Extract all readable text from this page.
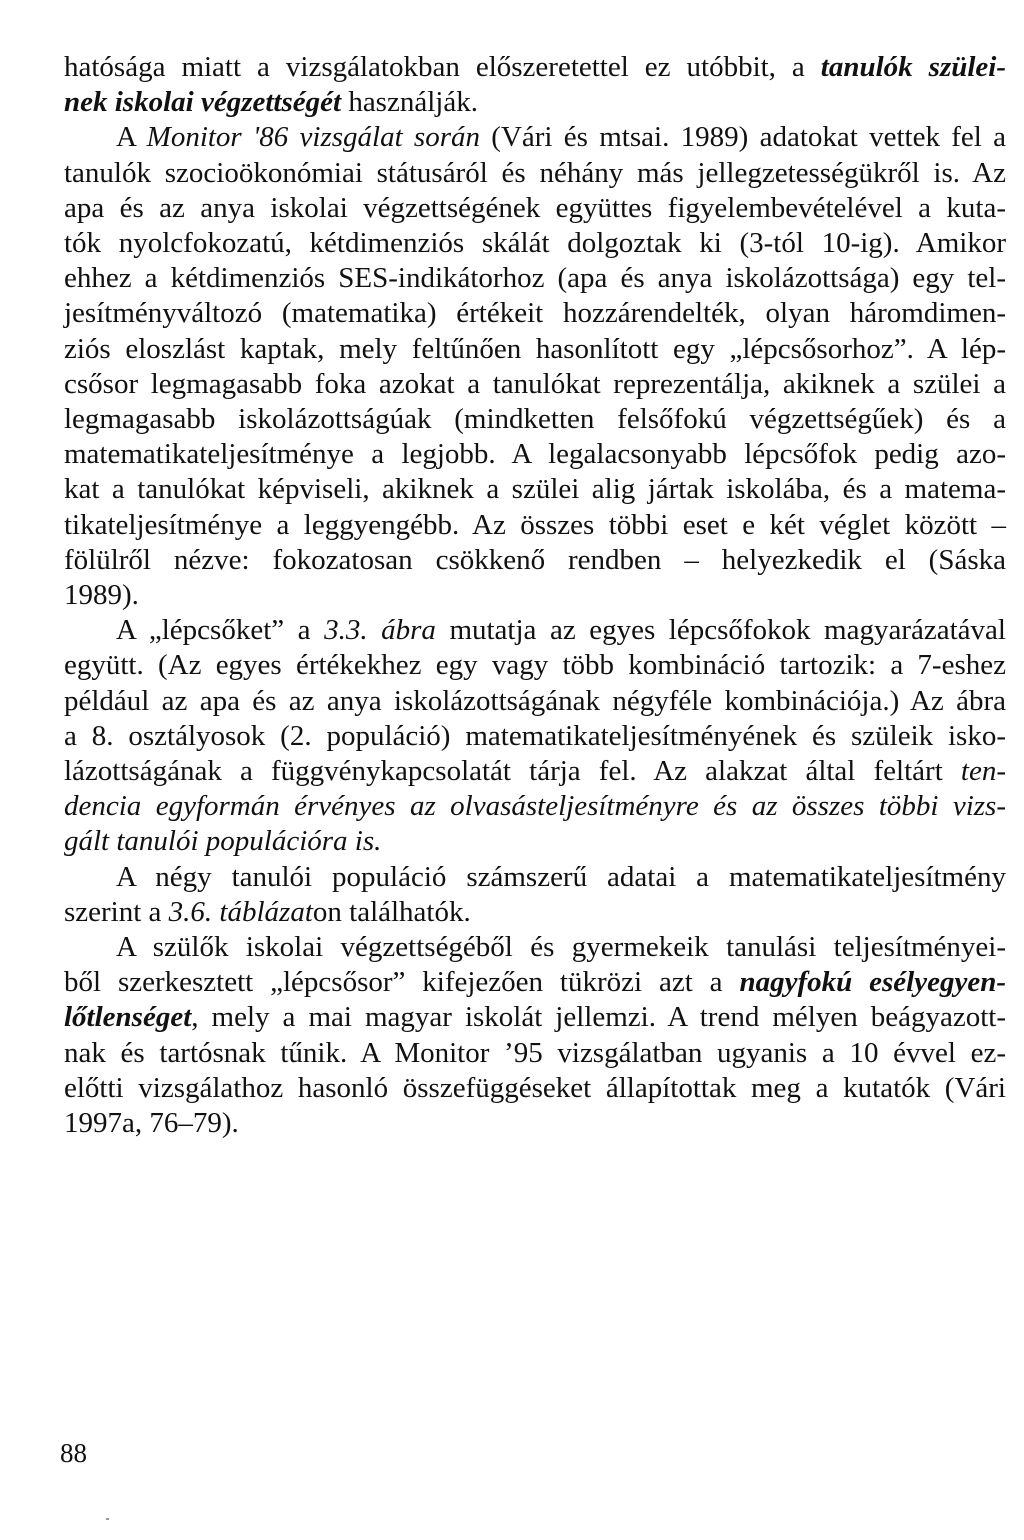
hatósága miatt a vizsgálatokban előszeretettel ez utóbbit, a tanulók szülei-
nek iskolai végzettségét használják.
A Monitor '86 vizsgálat során (Vári és mtsai. 1989) adatokat vettek fel a
tanulók szocioökonómiai státusáról és néhány más jellegzetességükről is. Az
apa és az anya iskolai végzettségének együttes figyelembevételével a kuta-
tók nyolcfokozatú, kétdimenziós skálát dolgoztak ki (3-tól 10-ig). Amikor
ehhez a kétdimenziós SES-indikátorhoz (apa és anya iskolázottsága) egy tel-
jesítményváltozó (matematika) értékeit hozzárendelték, olyan háromdimen-
ziós eloszlást kaptak, mely feltűnően hasonlított egy „lépcsősorhoz”. A lép-
csősor legmagasabb foka azokat a tanulókat reprezentálja, akiknek a szülei a
legmagasabb iskolázottságúak (mindketten felsőfokú végzettségűek) és a
matematikateljesítménye a legjobb. A legalacsonyabb lépcsőfok pedig azo-
kat a tanulókat képviseli, akiknek a szülei alig jártak iskolába, és a matema-
tikateljesítménye a leggyengébb. Az összes többi eset e két véglet között –
fölülről nézve: fokozatosan csökkenő rendben – helyezkedik el (Sáska
1989).
A „lépcsőket” a 3.3. ábra mutatja az egyes lépcsőfokok magyarázatával
együtt. (Az egyes értékekhez egy vagy több kombináció tartozik: a 7-eshez
például az apa és az anya iskolázottságának négyféle kombinációja.) Az ábra
a 8. osztályosok (2. populáció) matematikateljesítményének és szüleik isko-
lázottságának a függvénykapcsolatát tárja fel. Az alakzat által feltárt ten-
dencia egyformán érvényes az olvasásteljesítményre és az összes többi vizs-
gált tanulói populációra is.
A négy tanulói populáció számszerű adatai a matematikateljesítmény
szerint a 3.6. táblázaton találhatók.
A szülők iskolai végzettségéből és gyermekeik tanulási teljesítményei-
ből szerkesztett „lépcsősor” kifejezően tükrözi azt a nagyfokú esélyegyen-
lőtlenséget, mely a mai magyar iskolát jellemzi. A trend mélyen beágyazott-
nak és tartósnak tűnik. A Monitor ’95 vizsgálatban ugyanis a 10 évvel ez-
előtti vizsgálathoz hasonló összefüggéseket állapítottak meg a kutatók (Vári
1997a, 76–79).
88
